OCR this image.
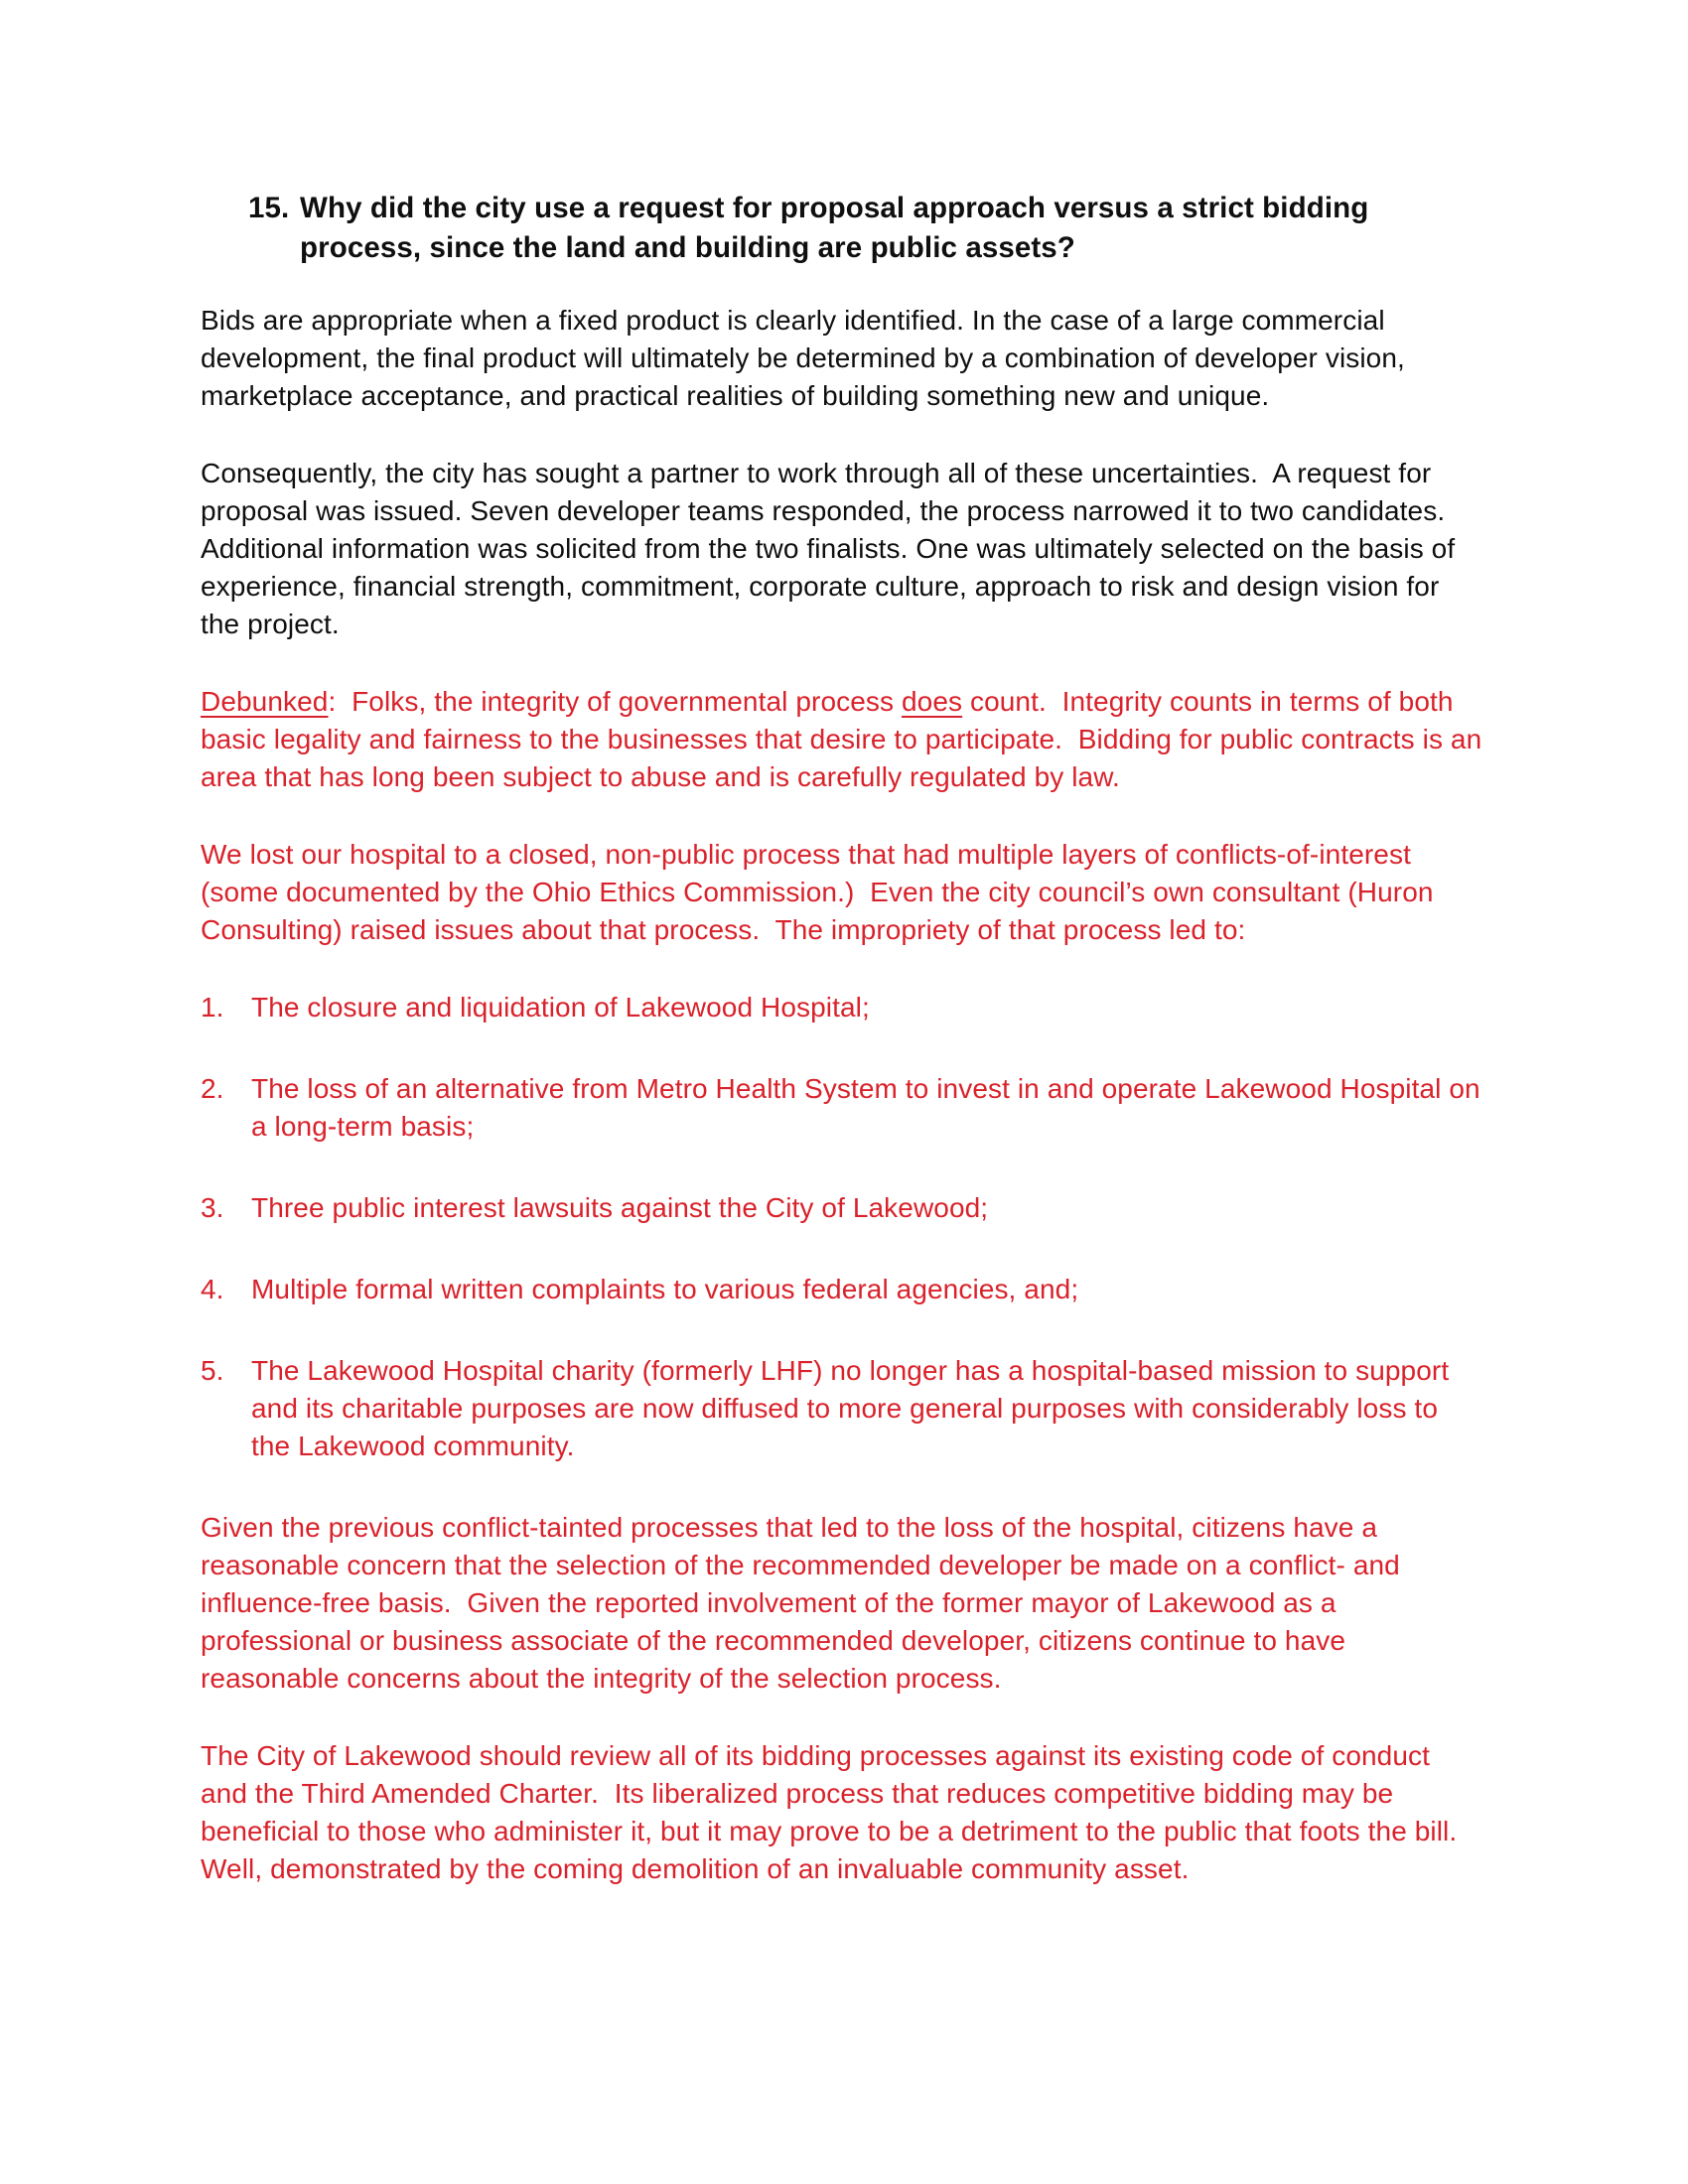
15. Why did the city use a request for proposal approach versus a strict bidding process, since the land and building are public assets?

Bids are appropriate when a fixed product is clearly identified. In the case of a large commercial development, the final product will ultimately be determined by a combination of developer vision, marketplace acceptance, and practical realities of building something new and unique.

Consequently, the city has sought a partner to work through all of these uncertainties.  A request for proposal was issued. Seven developer teams responded, the process narrowed it to two candidates. Additional information was solicited from the two finalists. One was ultimately selected on the basis of experience, financial strength, commitment, corporate culture, approach to risk and design vision for the project.

Debunked:  Folks, the integrity of governmental process does count.  Integrity counts in terms of both basic legality and fairness to the businesses that desire to participate.  Bidding for public contracts is an area that has long been subject to abuse and is carefully regulated by law.

We lost our hospital to a closed, non-public process that had multiple layers of conflicts-of-interest (some documented by the Ohio Ethics Commission.)  Even the city council’s own consultant (Huron Consulting) raised issues about that process.  The impropriety of that process led to:

1. The closure and liquidation of Lakewood Hospital;
2. The loss of an alternative from Metro Health System to invest in and operate Lakewood Hospital on a long-term basis;
3. Three public interest lawsuits against the City of Lakewood;
4. Multiple formal written complaints to various federal agencies, and;
5. The Lakewood Hospital charity (formerly LHF) no longer has a hospital-based mission to support and its charitable purposes are now diffused to more general purposes with considerably loss to the Lakewood community.

Given the previous conflict-tainted processes that led to the loss of the hospital, citizens have a reasonable concern that the selection of the recommended developer be made on a conflict- and influence-free basis.  Given the reported involvement of the former mayor of Lakewood as a professional or business associate of the recommended developer, citizens continue to have reasonable concerns about the integrity of the selection process.

The City of Lakewood should review all of its bidding processes against its existing code of conduct and the Third Amended Charter.  Its liberalized process that reduces competitive bidding may be beneficial to those who administer it, but it may prove to be a detriment to the public that foots the bill.  Well, demonstrated by the coming demolition of an invaluable community asset.
